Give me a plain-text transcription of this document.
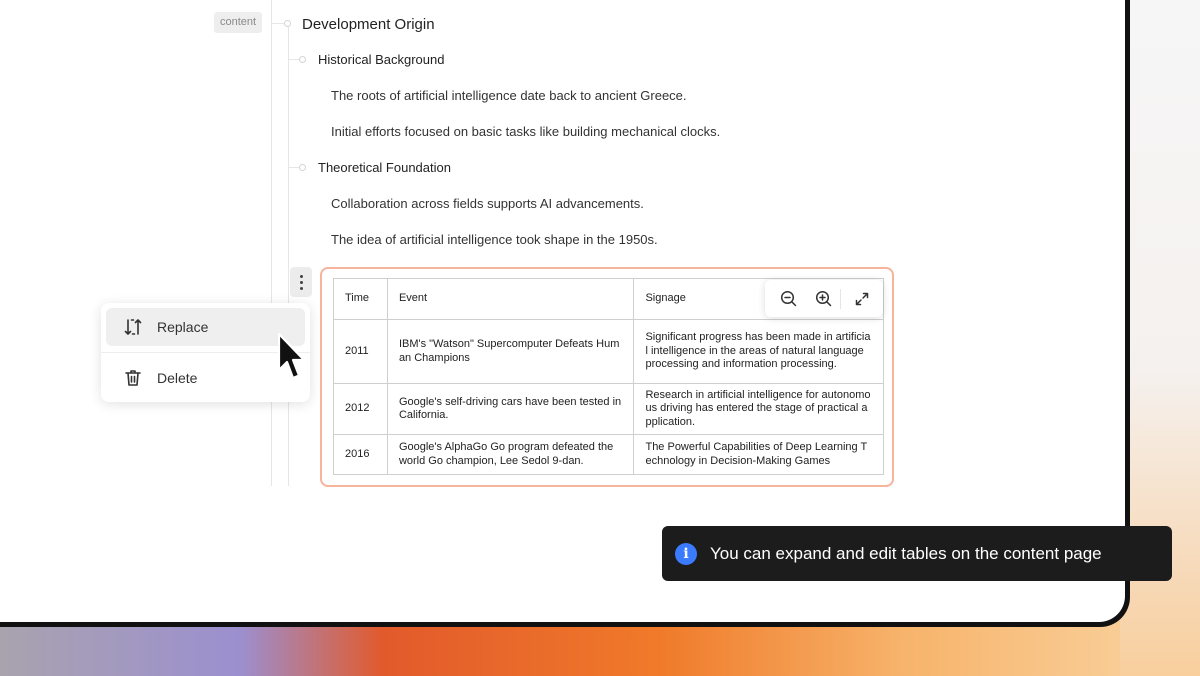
content	Development Origin
Historical Background
The roots of artificial intelligence date back to ancient Greece.
Initial efforts focused on basic tasks like building mechanical clocks.
Theoretical Foundation
Collaboration across fields supports AI advancements.
The idea of artificial intelligence took shape in the 1950s.
Replace
Delete
Time	Event	Signage
2011	IBM's "Watson" Supercomputer Defeats Human Champions	Significant progress has been made in artificial intelligence in the areas of natural language processing and information processing.
2012	Google's self-driving cars have been tested in California.	Research in artificial intelligence for autonomous driving has entered the stage of practical application.
2016	Google's AlphaGo Go program defeated the world Go champion, Lee Sedol 9-dan.	The Powerful Capabilities of Deep Learning Technology in Decision-Making Games
i	You can expand and edit tables on the content page
